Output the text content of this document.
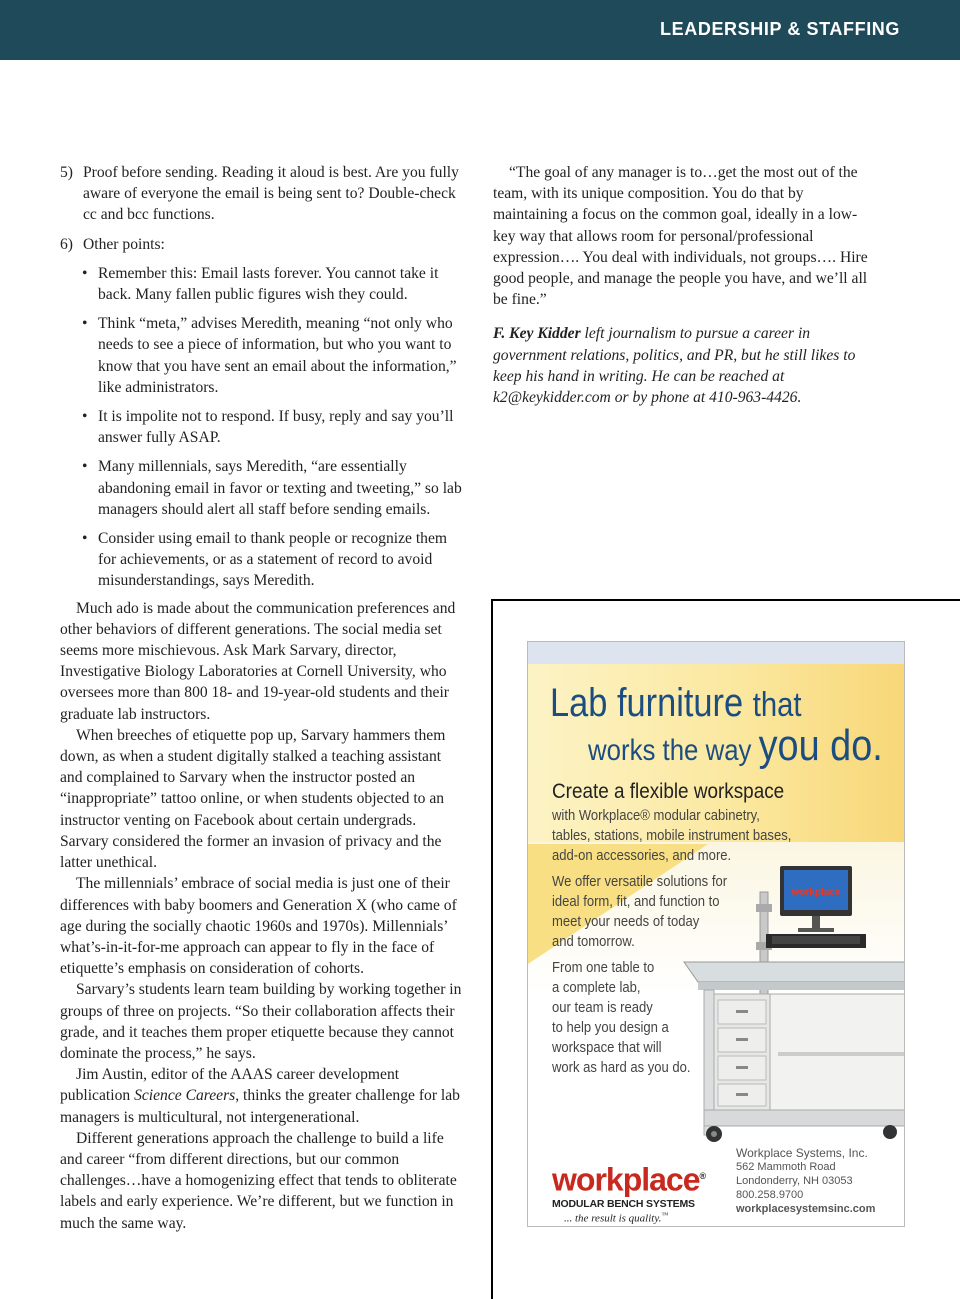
LEADERSHIP & STAFFING

5) Proof before sending. Reading it aloud is best. Are you fully aware of everyone the email is being sent to? Double-check cc and bcc functions.

6) Other points:

• Remember this: Email lasts forever. You cannot take it back. Many fallen public figures wish they could.
• Think “meta,” advises Meredith, meaning “not only who needs to see a piece of information, but who you want to know that you have sent an email about the information,” like administrators.
• It is impolite not to respond. If busy, reply and say you’ll answer fully ASAP.
• Many millennials, says Meredith, “are essentially abandoning email in favor or texting and tweeting,” so lab managers should alert all staff before sending emails.
• Consider using email to thank people or recognize them for achievements, or as a statement of record to avoid misunderstandings, says Meredith.

Much ado is made about the communication preferences and other behaviors of different generations. The social media set seems more mischievous. Ask Mark Sarvary, director, Investigative Biology Laboratories at Cornell University, who oversees more than 800 18- and 19-year-old students and their graduate lab instructors.

When breeches of etiquette pop up, Sarvary hammers them down, as when a student digitally stalked a teaching assistant and complained to Sarvary when the instructor posted an “inappropriate” tattoo online, or when students objected to an instructor venting on Facebook about certain undergrads. Sarvary considered the former an invasion of privacy and the latter unethical.

The millennials’ embrace of social media is just one of their differences with baby boomers and Generation X (who came of age during the socially chaotic 1960s and 1970s). Millennials’ what’s-in-it-for-me approach can appear to fly in the face of etiquette’s emphasis on consideration of cohorts.

Sarvary’s students learn team building by working together in groups of three on projects. “So their collaboration affects their grade, and it teaches them proper etiquette because they cannot dominate the process,” he says.

Jim Austin, editor of the AAAS career development publication Science Careers, thinks the greater challenge for lab managers is multicultural, not intergenerational.

Different generations approach the challenge to build a life and career “from different directions, but our common challenges…have a homogenizing effect that tends to obliterate labels and early experience. We’re different, but we function in much the same way.

“The goal of any manager is to…get the most out of the team, with its unique composition. You do that by maintaining a focus on the common goal, ideally in a low-key way that allows room for personal/professional expression…. You deal with individuals, not groups…. Hire good people, and manage the people you have, and we’ll all be fine.”

F. Key Kidder left journalism to pursue a career in government relations, politics, and PR, but he still likes to keep his hand in writing. He can be reached at k2@keykidder.com or by phone at 410-963-4426.

workplace
Lab furniture that
works the way you do.
Create a flexible workspace
with Workplace® modular cabinetry,
tables, stations, mobile instrument bases,
add-on accessories, and more.
We offer versatile solutions for
ideal form, fit, and function to
meet your needs of today
and tomorrow.
From one table to
a complete lab,
our team is ready
to help you design a
workspace that will
work as hard as you do.
workplace®
MODULAR BENCH SYSTEMS
... the result is quality.™
Workplace Systems, Inc.
562 Mammoth Road
Londonderry, NH 03053
800.258.9700
workplacesystemsinc.com
